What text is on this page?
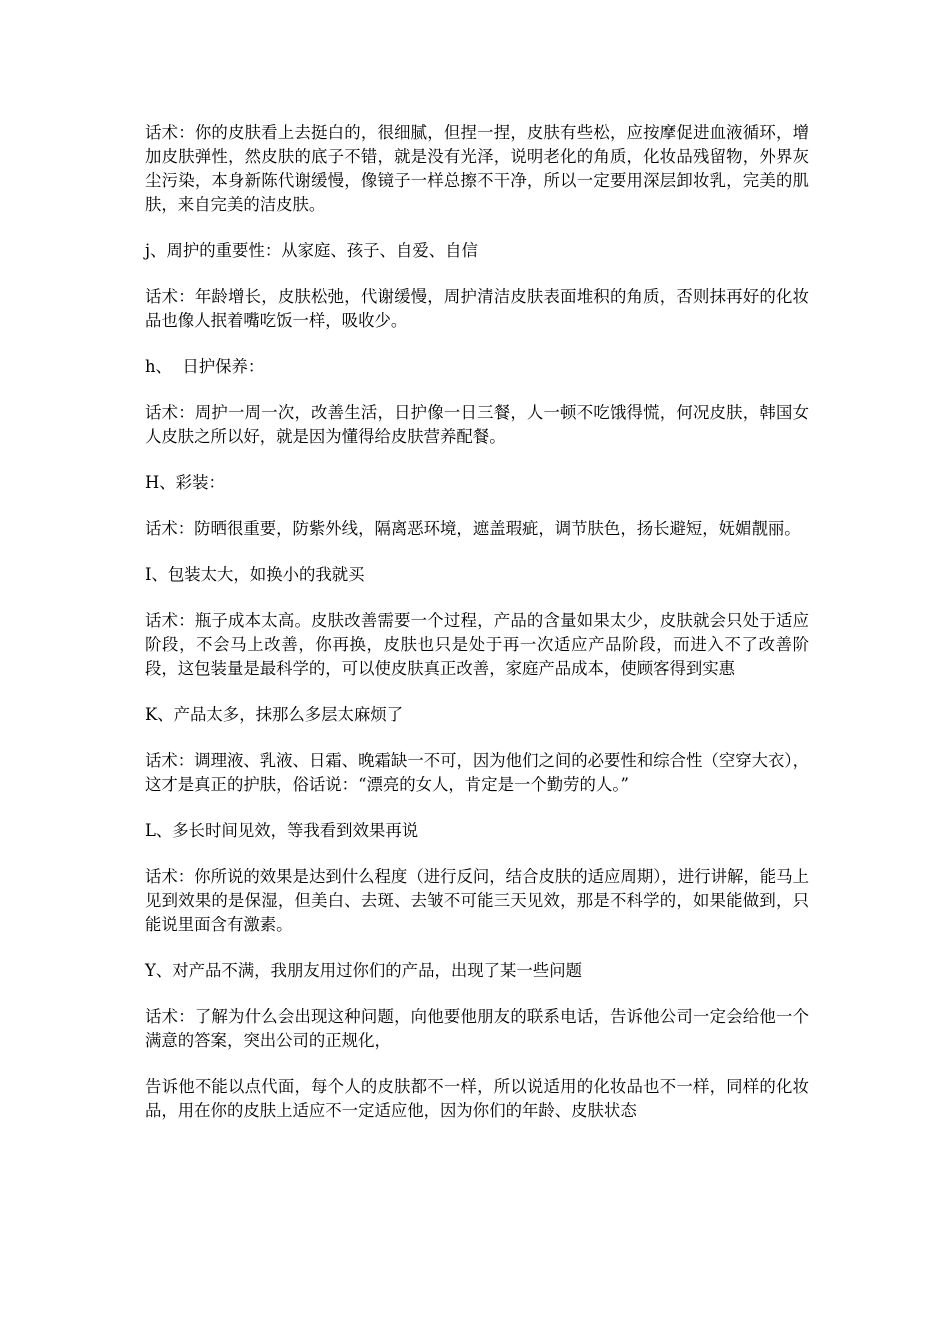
话术：你的皮肤看上去挺白的，很细腻，但捏一捏，皮肤有些松，应按摩促进血液循环，增加皮肤弹性，然皮肤的底子不错，就是没有光泽，说明老化的角质，化妆品残留物，外界灰尘污染，本身新陈代谢缓慢，像镜子一样总擦不干净，所以一定要用深层卸妆乳，完美的肌肤，来自完美的洁皮肤。

j、周护的重要性：从家庭、孩子、自爱、自信

话术：年龄增长，皮肤松弛，代谢缓慢，周护清洁皮肤表面堆积的角质，否则抹再好的化妆品也像人抿着嘴吃饭一样，吸收少。

h、  日护保养：

话术：周护一周一次，改善生活，日护像一日三餐，人一顿不吃饿得慌，何况皮肤，韩国女人皮肤之所以好，就是因为懂得给皮肤营养配餐。

H、彩装：

话术：防晒很重要，防紫外线，隔离恶环境，遮盖瑕疵，调节肤色，扬长避短，妩媚靓丽。

I、包装太大，如换小的我就买

话术：瓶子成本太高。皮肤改善需要一个过程，产品的含量如果太少，皮肤就会只处于适应阶段，不会马上改善，你再换，皮肤也只是处于再一次适应产品阶段，而进入不了改善阶段，这包装量是最科学的，可以使皮肤真正改善，家庭产品成本，使顾客得到实惠

K、产品太多，抹那么多层太麻烦了

话术：调理液、乳液、日霜、晚霜缺一不可，因为他们之间的必要性和综合性（空穿大衣），这才是真正的护肤，俗话说：“漂亮的女人，肯定是一个勤劳的人。”

L、多长时间见效，等我看到效果再说

话术：你所说的效果是达到什么程度（进行反问，结合皮肤的适应周期），进行讲解，能马上见到效果的是保湿，但美白、去斑、去皱不可能三天见效，那是不科学的，如果能做到，只能说里面含有激素。

Y、对产品不满，我朋友用过你们的产品，出现了某一些问题

话术：了解为什么会出现这种问题，向他要他朋友的联系电话，告诉他公司一定会给他一个满意的答案，突出公司的正规化，

告诉他不能以点代面，每个人的皮肤都不一样，所以说适用的化妆品也不一样，同样的化妆品，用在你的皮肤上适应不一定适应他，因为你们的年龄、皮肤状态
